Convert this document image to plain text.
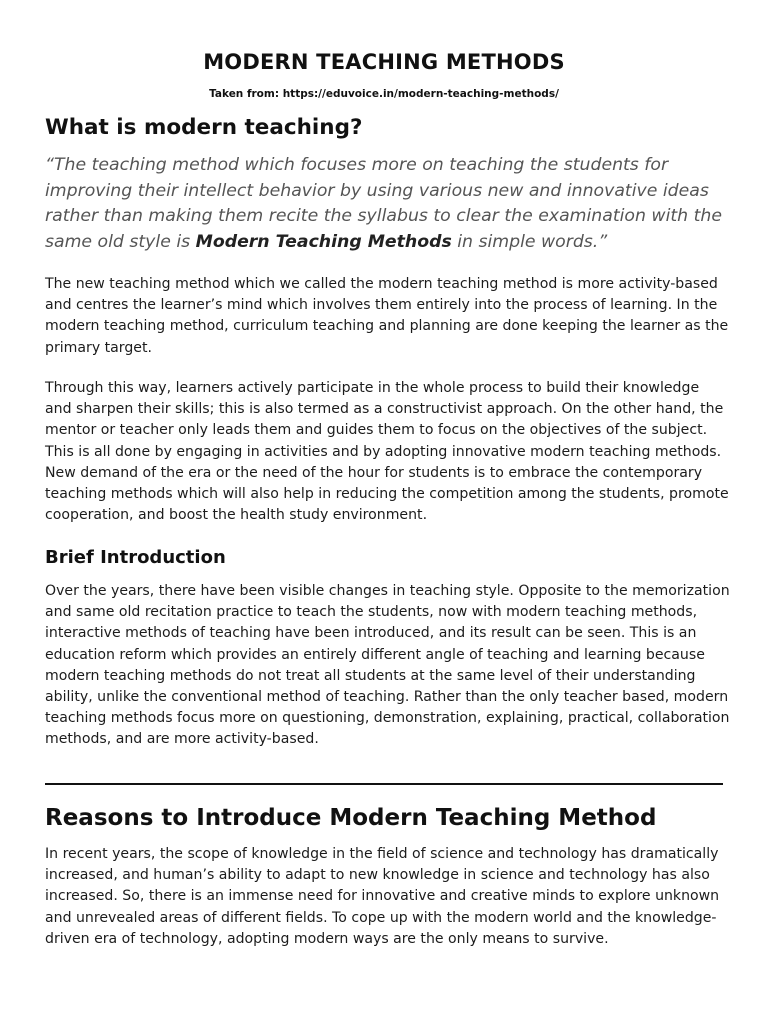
MODERN TEACHING METHODS
Taken from: https://eduvoice.in/modern-teaching-methods/
What is modern teaching?

“The teaching method which focuses more on teaching the students for improving their intellect behavior by using various new and innovative ideas rather than making them recite the syllabus to clear the examination with the same old style is Modern Teaching Methods in simple words.”

The new teaching method which we called the modern teaching method is more activity-based and centres the learner’s mind which involves them entirely into the process of learning. In the modern teaching method, curriculum teaching and planning are done keeping the learner as the primary target.

Through this way, learners actively participate in the whole process to build their knowledge and sharpen their skills; this is also termed as a constructivist approach. On the other hand, the mentor or teacher only leads them and guides them to focus on the objectives of the subject. This is all done by engaging in activities and by adopting innovative modern teaching methods. New demand of the era or the need of the hour for students is to embrace the contemporary teaching methods which will also help in reducing the competition among the students, promote cooperation, and boost the health study environment.

Brief Introduction

Over the years, there have been visible changes in teaching style. Opposite to the memorization and same old recitation practice to teach the students, now with modern teaching methods, interactive methods of teaching have been introduced, and its result can be seen. This is an education reform which provides an entirely different angle of teaching and learning because modern teaching methods do not treat all students at the same level of their understanding ability, unlike the conventional method of teaching. Rather than the only teacher based, modern teaching methods focus more on questioning, demonstration, explaining, practical, collaboration methods, and are more activity-based.

Reasons to Introduce Modern Teaching Method

In recent years, the scope of knowledge in the field of science and technology has dramatically increased, and human’s ability to adapt to new knowledge in science and technology has also increased. So, there is an immense need for innovative and creative minds to explore unknown and unrevealed areas of different fields. To cope up with the modern world and the knowledge-driven era of technology, adopting modern ways are the only means to survive.
